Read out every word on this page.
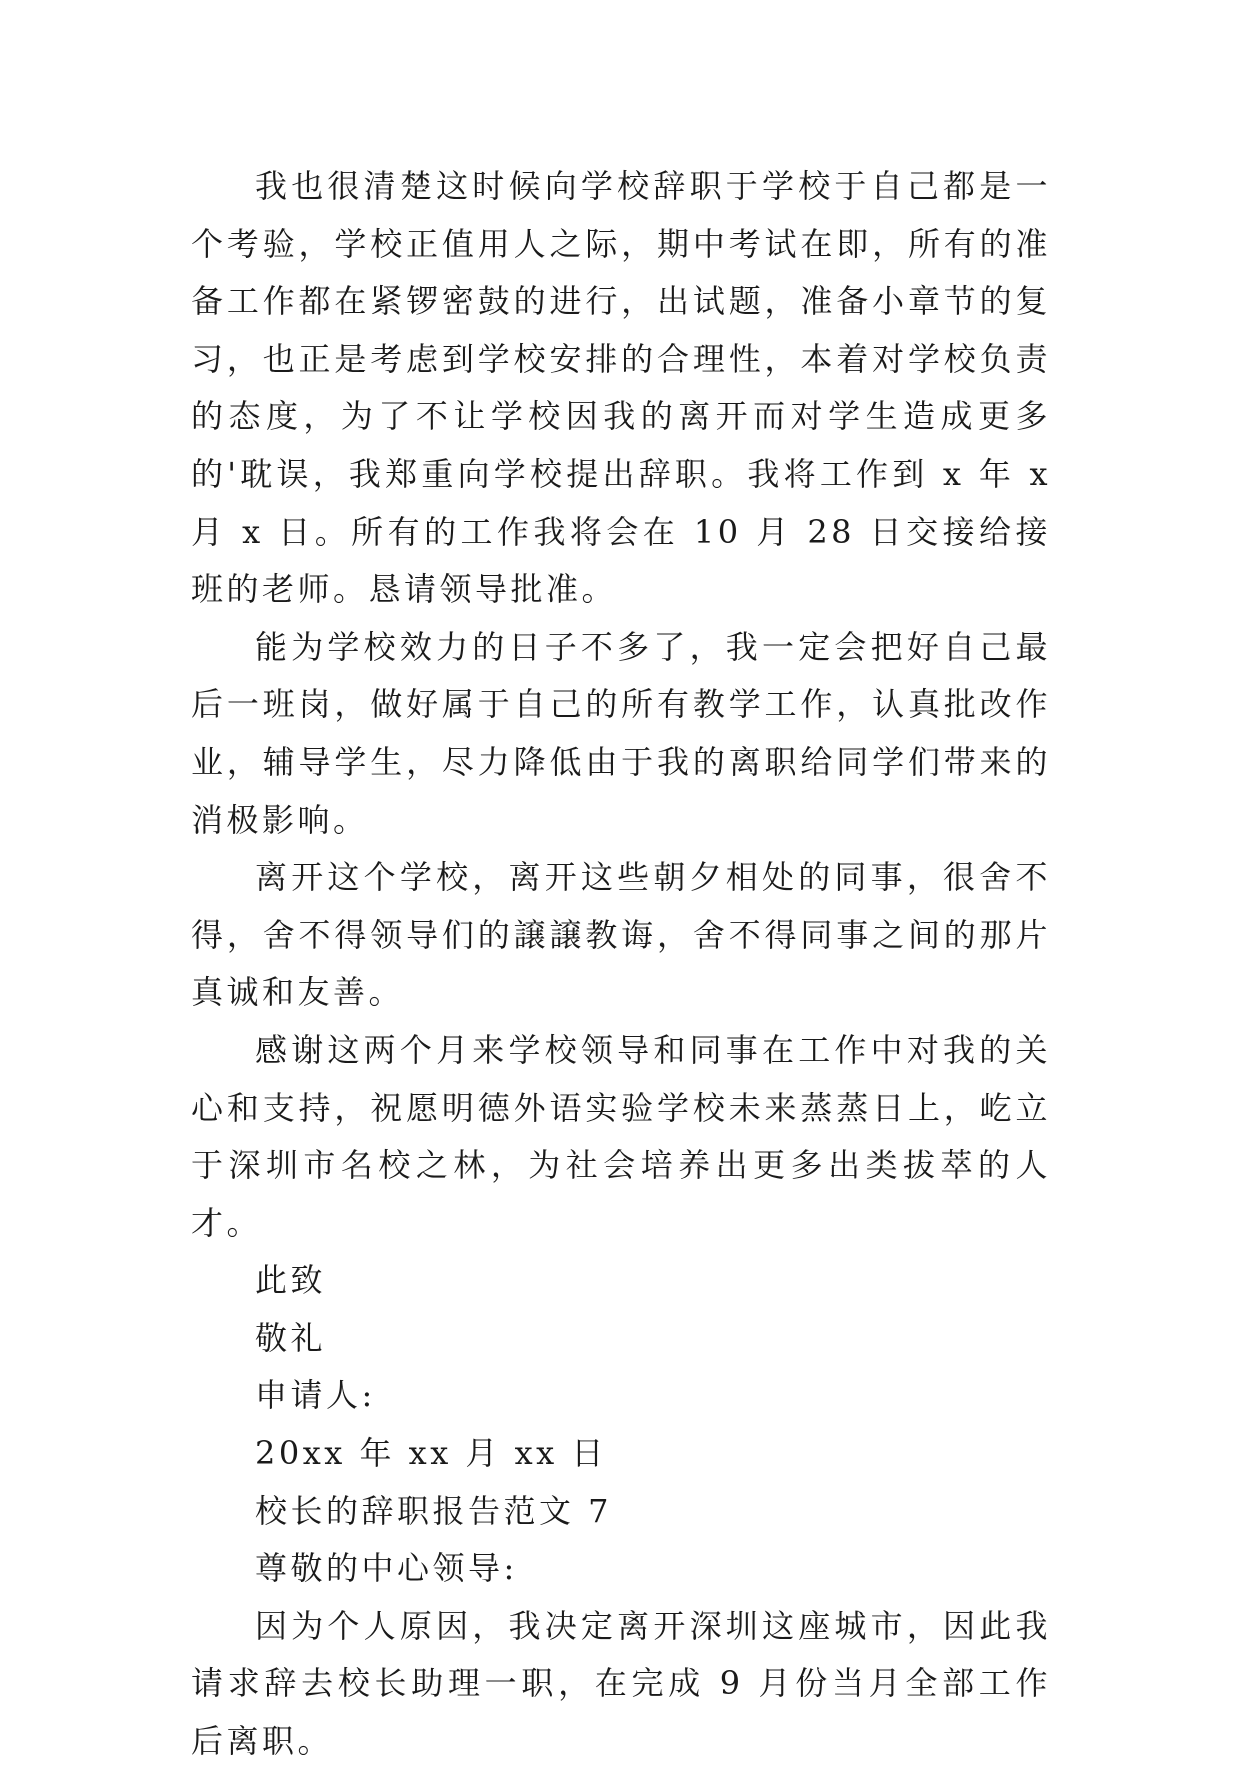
我也很清楚这时候向学校辞职于学校于自己都是一个考验，学校正值用人之际，期中考试在即，所有的准备工作都在紧锣密鼓的进行，出试题，准备小章节的复习，也正是考虑到学校安排的合理性，本着对学校负责的态度，为了不让学校因我的离开而对学生造成更多的'耽误，我郑重向学校提出辞职。我将工作到 x 年 x 月 x 日。所有的工作我将会在 10 月 28 日交接给接班的老师。恳请领导批准。

能为学校效力的日子不多了，我一定会把好自己最后一班岗，做好属于自己的所有教学工作，认真批改作业，辅导学生，尽力降低由于我的离职给同学们带来的消极影响。

离开这个学校，离开这些朝夕相处的同事，很舍不得，舍不得领导们的譲譲教诲，舍不得同事之间的那片真诚和友善。

感谢这两个月来学校领导和同事在工作中对我的关心和支持，祝愿明德外语实验学校未来蒸蒸日上，屹立于深圳市名校之林，为社会培养出更多出类拔萃的人才。

此致

敬礼

申请人:

20xx 年 xx 月 xx 日

校长的辞职报告范文 7

尊敬的中心领导:

因为个人原因，我决定离开深圳这座城市，因此我请求辞去校长助理一职，在完成 9 月份当月全部工作后离职。
